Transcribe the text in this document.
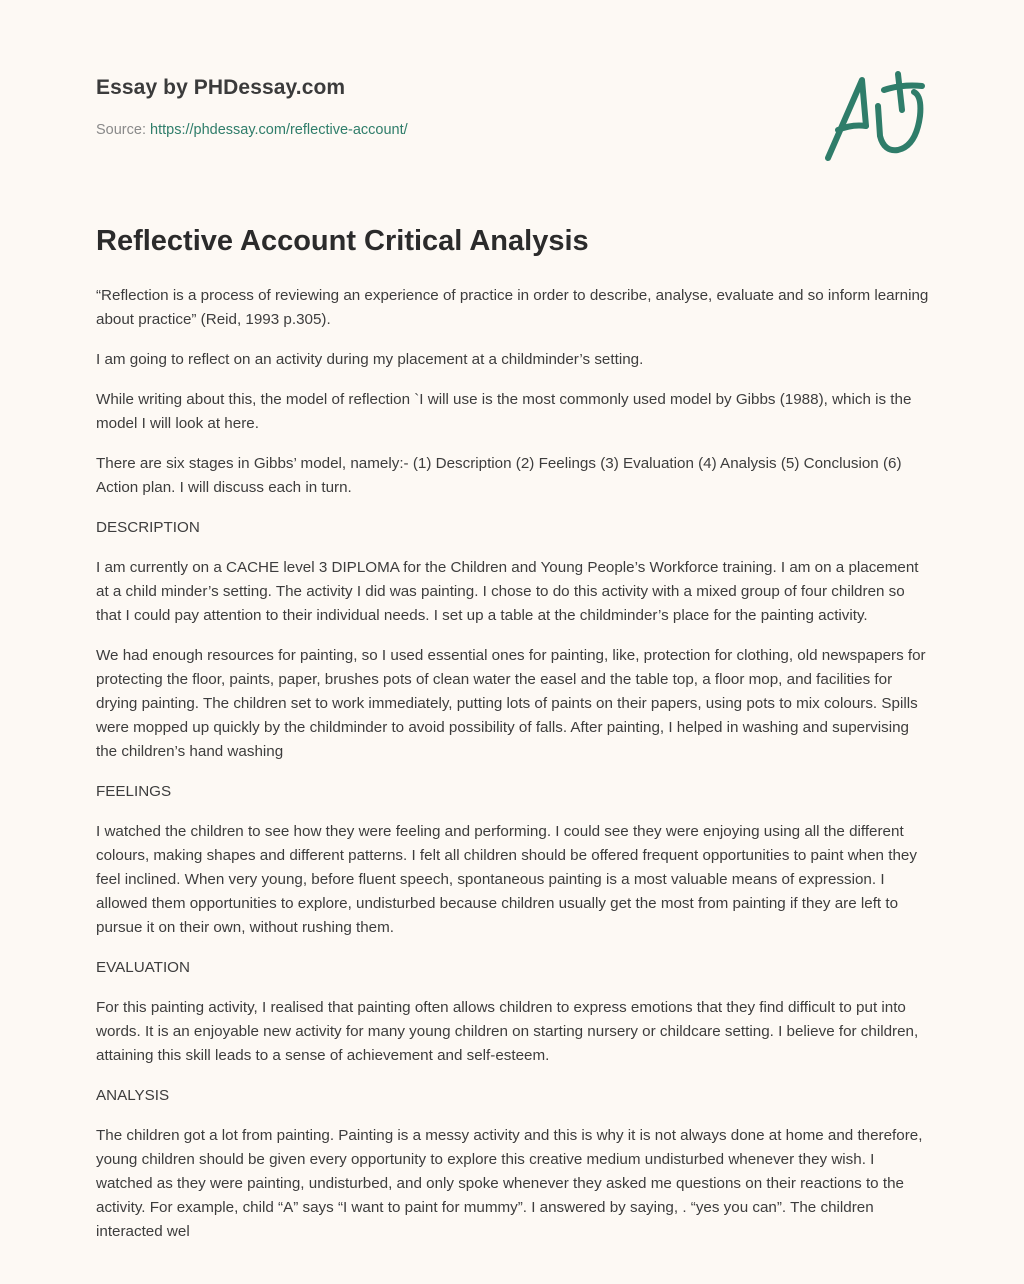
Essay by PHDessay.com
Source: https://phdessay.com/reflective-account/
Reflective Account Critical Analysis

“Reflection is a process of reviewing an experience of practice in order to describe, analyse, evaluate and so inform learning about practice” (Reid, 1993 p.305).

I am going to reflect on an activity during my placement at a childminder’s setting.

While writing about this, the model of reflection `I will use is the most commonly used model by Gibbs (1988), which is the model I will look at here.

There are six stages in Gibbs’ model, namely:- (1) Description (2) Feelings (3) Evaluation (4) Analysis (5) Conclusion (6) Action plan. I will discuss each in turn.

DESCRIPTION

I am currently on a CACHE level 3 DIPLOMA for the Children and Young People’s Workforce training. I am on a placement at a child minder’s setting. The activity I did was painting. I chose to do this activity with a mixed group of four children so that I could pay attention to their individual needs. I set up a table at the childminder’s place for the painting activity.

We had enough resources for painting, so I used essential ones for painting, like, protection for clothing, old newspapers for protecting the floor, paints, paper, brushes pots of clean water the easel and the table top, a floor mop, and facilities for drying painting. The children set to work immediately, putting lots of paints on their papers, using pots to mix colours. Spills were mopped up quickly by the childminder to avoid possibility of falls. After painting, I helped in washing and supervising the children’s hand washing

FEELINGS

I watched the children to see how they were feeling and performing. I could see they were enjoying using all the different colours, making shapes and different patterns. I felt all children should be offered frequent opportunities to paint when they feel inclined. When very young, before fluent speech, spontaneous painting is a most valuable means of expression. I allowed them opportunities to explore, undisturbed because children usually get the most from painting if they are left to pursue it on their own, without rushing them.

EVALUATION

For this painting activity, I realised that painting often allows children to express emotions that they find difficult to put into words. It is an enjoyable new activity for many young children on starting nursery or childcare setting. I believe for children, attaining this skill leads to a sense of achievement and self-esteem.

ANALYSIS

The children got a lot from painting. Painting is a messy activity and this is why it is not always done at home and therefore, young children should be given every opportunity to explore this creative medium undisturbed whenever they wish. I watched as they were painting, undisturbed, and only spoke whenever they asked me questions on their reactions to the activity. For example, child “A” says “I want to paint for mummy”. I answered by saying, . “yes you can”. The children interacted wel
